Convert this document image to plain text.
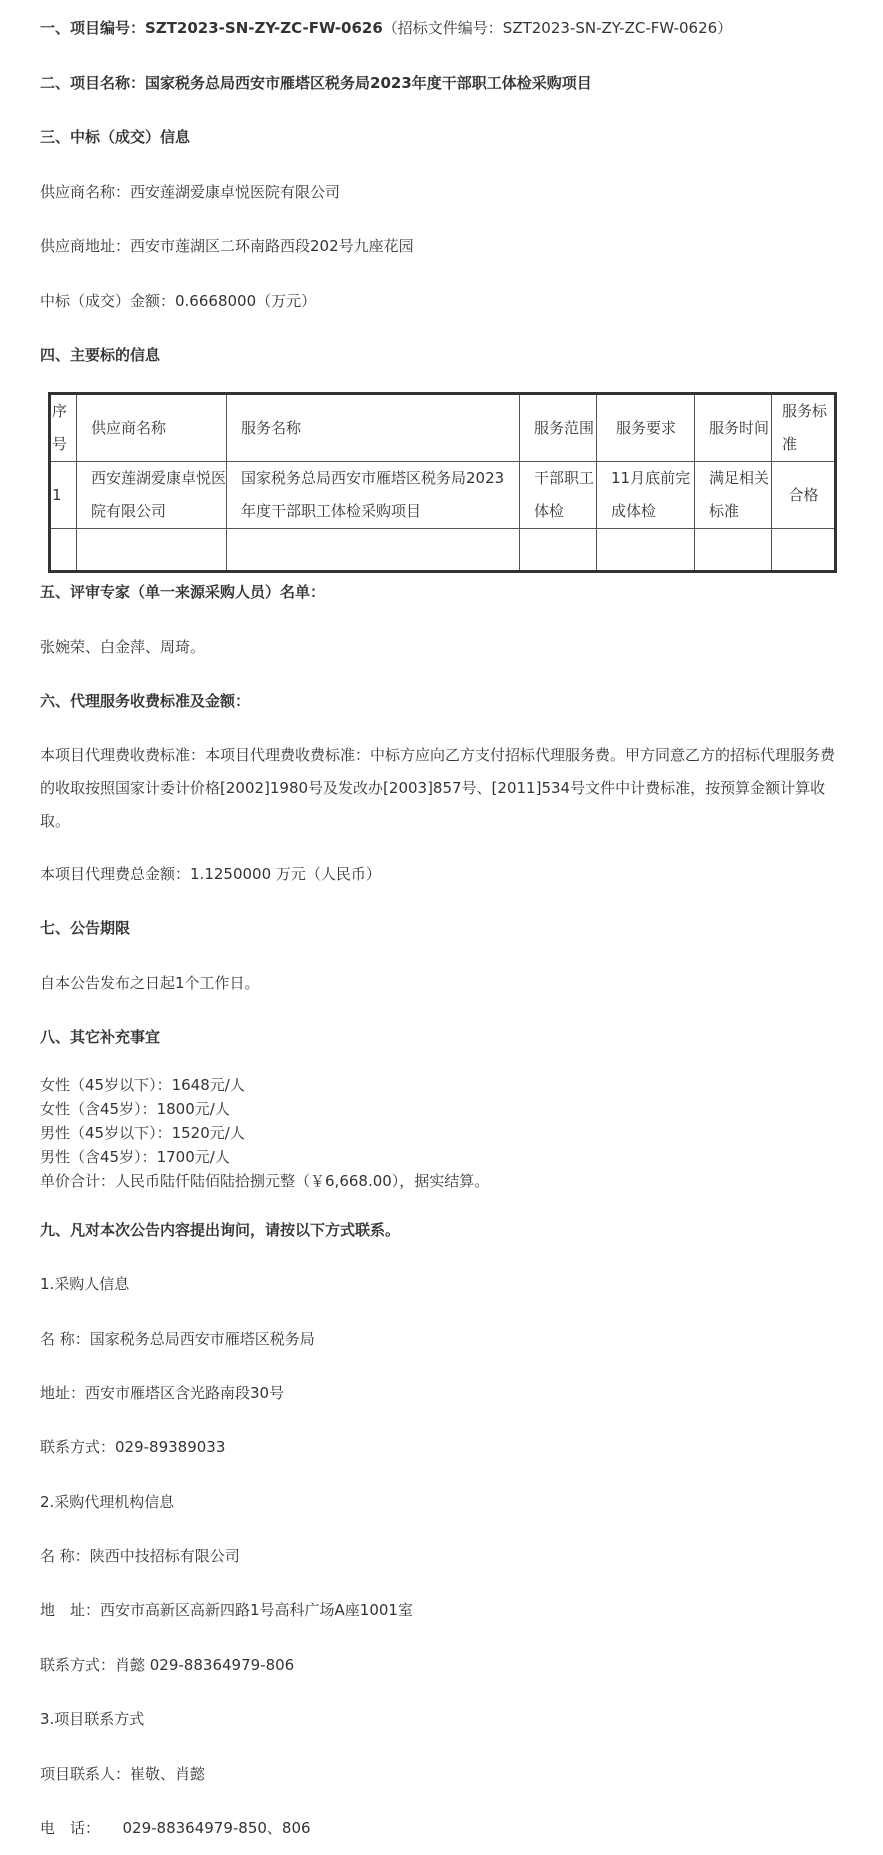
一、项目编号：SZT2023-SN-ZY-ZC-FW-0626（招标文件编号：SZT2023-SN-ZY-ZC-FW-0626）
二、项目名称：国家税务总局西安市雁塔区税务局2023年度干部职工体检采购项目
三、中标（成交）信息
供应商名称：西安莲湖爱康卓悦医院有限公司
供应商地址：西安市莲湖区二环南路西段202号九座花园
中标（成交）金额：0.6668000（万元）
四、主要标的信息
序号	供应商名称	服务名称	服务范围	服务要求	服务时间	服务标准
1	西安莲湖爱康卓悦医院有限公司	国家税务总局西安市雁塔区税务局2023年度干部职工体检采购项目	干部职工体检	11月底前完成体检	满足相关标准	合格

五、评审专家（单一来源采购人员）名单：
张婉荣、白金萍、周琦。
六、代理服务收费标准及金额：
本项目代理费收费标准：本项目代理费收费标准：中标方应向乙方支付招标代理服务费。甲方同意乙方的招标代理服务费的收取按照国家计委计价格[2002]1980号及发改办[2003]857号、[2011]534号文件中计费标准，按预算金额计算收取。
本项目代理费总金额：1.1250000 万元（人民币）
七、公告期限
自本公告发布之日起1个工作日。
八、其它补充事宜
女性（45岁以下）：1648元/人
女性（含45岁）：1800元/人
男性（45岁以下）：1520元/人
男性（含45岁）：1700元/人
单价合计：人民币陆仟陆佰陆拾捌元整（￥6,668.00），据实结算。
九、凡对本次公告内容提出询问，请按以下方式联系。
1.采购人信息
名 称：国家税务总局西安市雁塔区税务局
地址：西安市雁塔区含光路南段30号
联系方式：029-89389033
2.采购代理机构信息
名 称：陕西中技招标有限公司
地　址：西安市高新区高新四路1号高科广场A座1001室
联系方式：肖懿 029-88364979-806
3.项目联系方式
项目联系人：崔敬、肖懿
电　话：　　029-88364979-850、806
